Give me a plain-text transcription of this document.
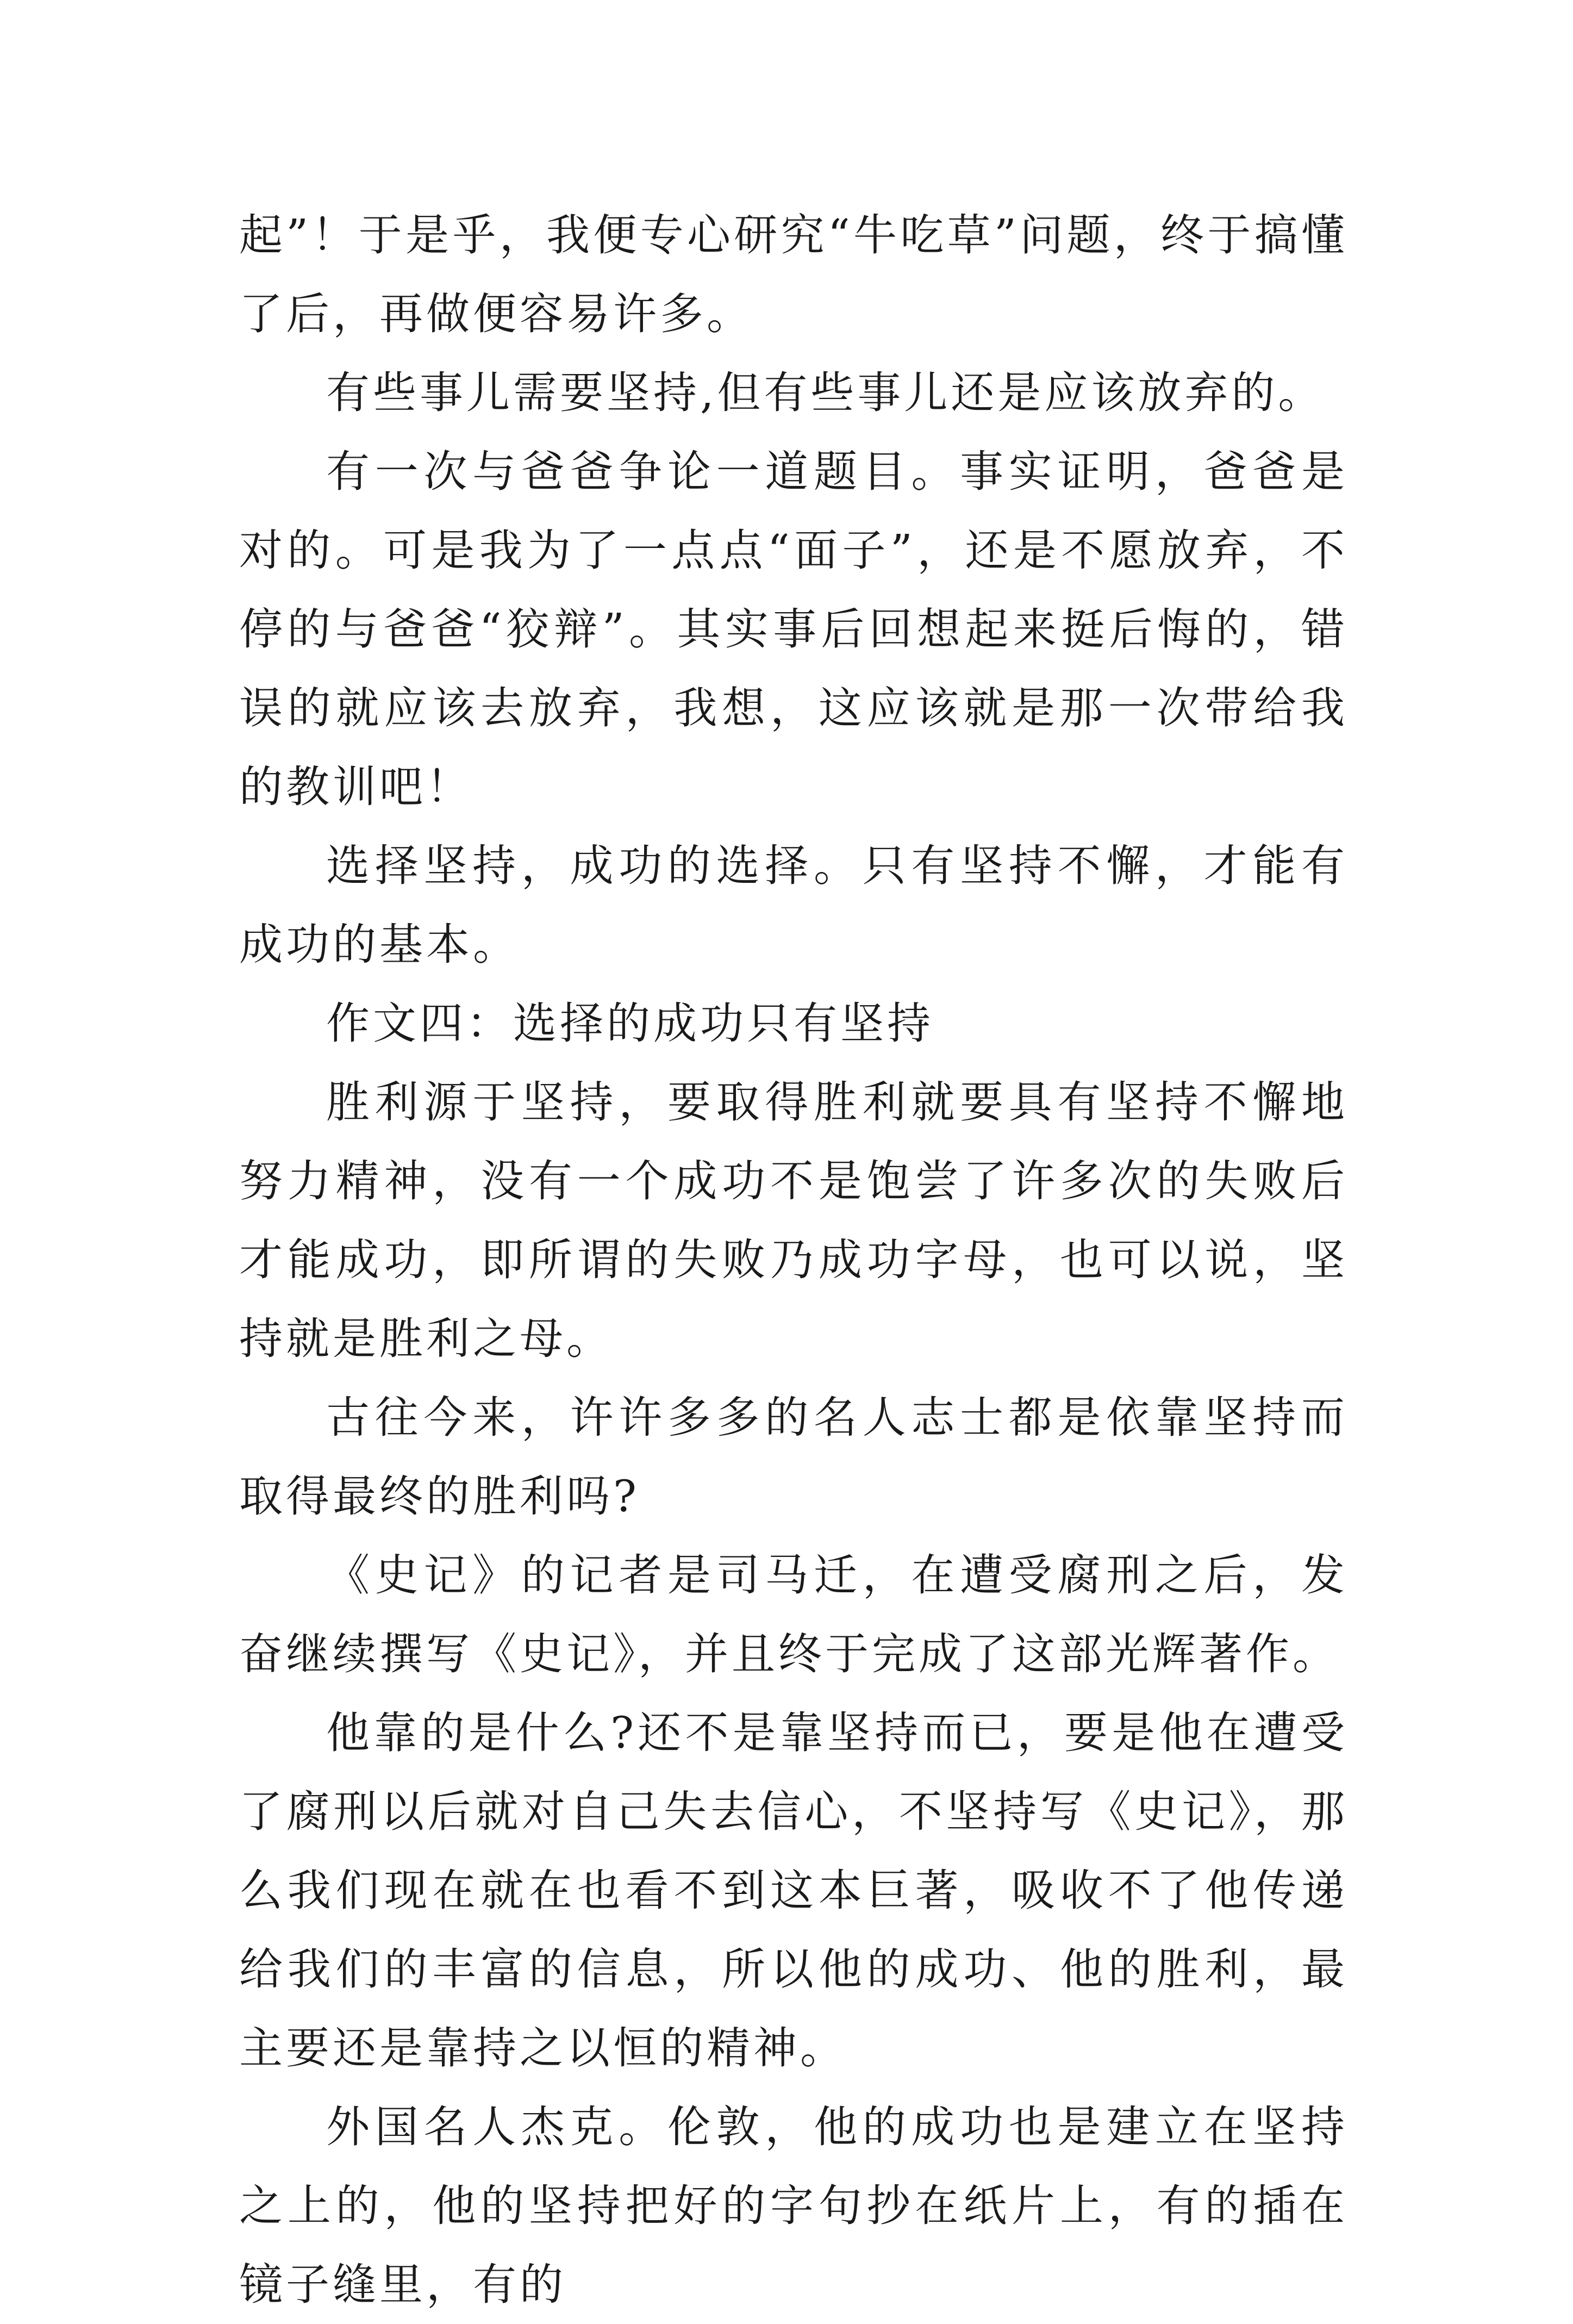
起”！于是乎，我便专心研究“牛吃草”问题，终于搞懂了后，再做便容易许多。

有些事儿需要坚持,但有些事儿还是应该放弃的。

有一次与爸爸争论一道题目。事实证明，爸爸是对的。可是我为了一点点“面子”，还是不愿放弃，不停的与爸爸“狡辩”。其实事后回想起来挺后悔的，错误的就应该去放弃，我想，这应该就是那一次带给我的教训吧！

选择坚持，成功的选择。只有坚持不懈，才能有成功的基本。

作文四：选择的成功只有坚持

胜利源于坚持，要取得胜利就要具有坚持不懈地努力精神，没有一个成功不是饱尝了许多次的失败后才能成功，即所谓的失败乃成功字母，也可以说，坚持就是胜利之母。

古往今来，许许多多的名人志士都是依靠坚持而取得最终的胜利吗?

《史记》的记者是司马迁，在遭受腐刑之后，发奋继续撰写《史记》，并且终于完成了这部光辉著作。

他靠的是什么?还不是靠坚持而已，要是他在遭受了腐刑以后就对自己失去信心，不坚持写《史记》，那么我们现在就在也看不到这本巨著，吸收不了他传递给我们的丰富的信息，所以他的成功、他的胜利，最主要还是靠持之以恒的精神。

外国名人杰克。伦敦，他的成功也是建立在坚持之上的，他的坚持把好的字句抄在纸片上，有的插在镜子缝里，有的
